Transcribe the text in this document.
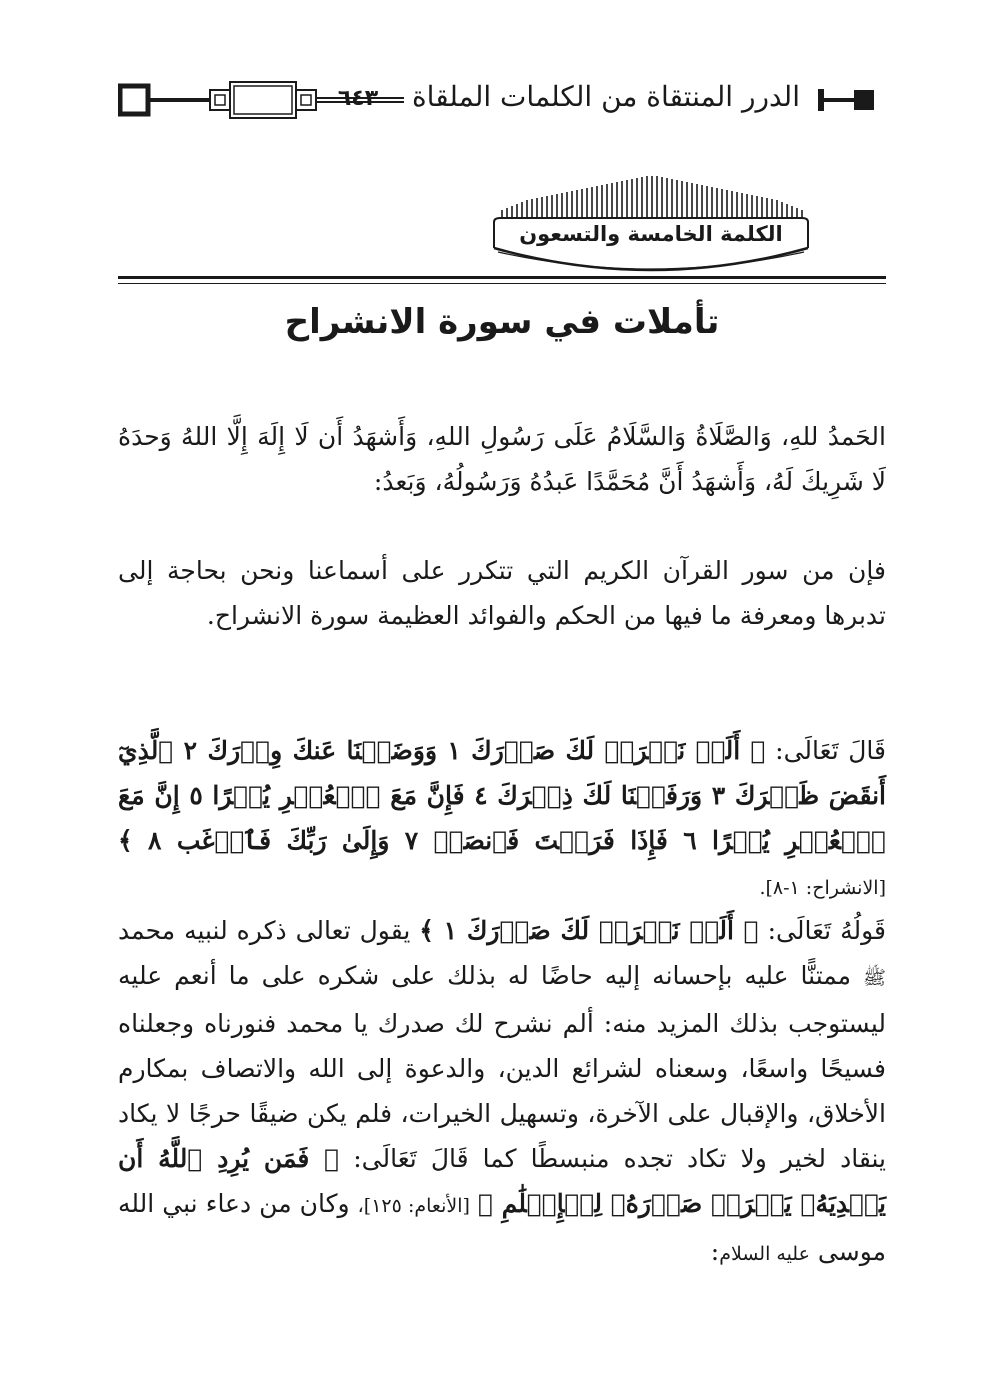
٦٤٣	الدرر المنتقاة من الكلمات الملقاة
الكلمة الخامسة والتسعون
تأملات في سورة الانشراح

الحَمدُ للهِ، وَالصَّلَاةُ وَالسَّلَامُ عَلَى رَسُولِ اللهِ، وَأَشهَدُ أَن لَا إِلَهَ إِلَّا اللهُ وَحدَهُ لَا شَرِيكَ لَهُ، وَأَشهَدُ أَنَّ مُحَمَّدًا عَبدُهُ وَرَسُولُهُ، وَبَعدُ:

فإن من سور القرآن الكريم التي تتكرر على أسماعنا ونحن بحاجة إلى تدبرها ومعرفة ما فيها من الحكم والفوائد العظيمة سورة الانشراح.

قَالَ تَعَالَى: ﴿ أَلَمۡ نَشۡرَحۡ لَكَ صَدۡرَكَ ١ وَوَضَعۡنَا عَنكَ وِزۡرَكَ ٢ ٱلَّذِيٓ أَنقَضَ ظَهۡرَكَ ٣ وَرَفَعۡنَا لَكَ ذِكۡرَكَ ٤ فَإِنَّ مَعَ ٱلۡعُسۡرِ يُسۡرًا ٥ إِنَّ مَعَ ٱلۡعُسۡرِ يُسۡرًا ٦ فَإِذَا فَرَغۡتَ فَٱنصَبۡ ٧ وَإِلَىٰ رَبِّكَ فَٱرۡغَب ٨ ﴾ [الانشراح: ١-٨].

قَولُهُ تَعَالَى: ﴿ أَلَمۡ نَشۡرَحۡ لَكَ صَدۡرَكَ ١ ﴾ يقول تعالى ذكره لنبيه محمد ﷺ ممتنًّا عليه بإحسانه إليه حاضًا له بذلك على شكره على ما أنعم عليه ليستوجب بذلك المزيد منه: ألم نشرح لك صدرك يا محمد فنورناه وجعلناه فسيحًا واسعًا، وسعناه لشرائع الدين، والدعوة إلى الله والاتصاف بمكارم الأخلاق، والإقبال على الآخرة، وتسهيل الخيرات، فلم يكن ضيقًا حرجًا لا يكاد ينقاد لخير ولا تكاد تجده منبسطًا كما قَالَ تَعَالَى: ﴿ فَمَن يُرِدِ ٱللَّهُ أَن يَهۡدِيَهُۥ يَشۡرَحۡ صَدۡرَهُۥ لِلۡإِسۡلَٰمِ ﴾ [الأنعام: ١٢٥]، وكان من دعاء نبي الله موسى عليه السلام:
